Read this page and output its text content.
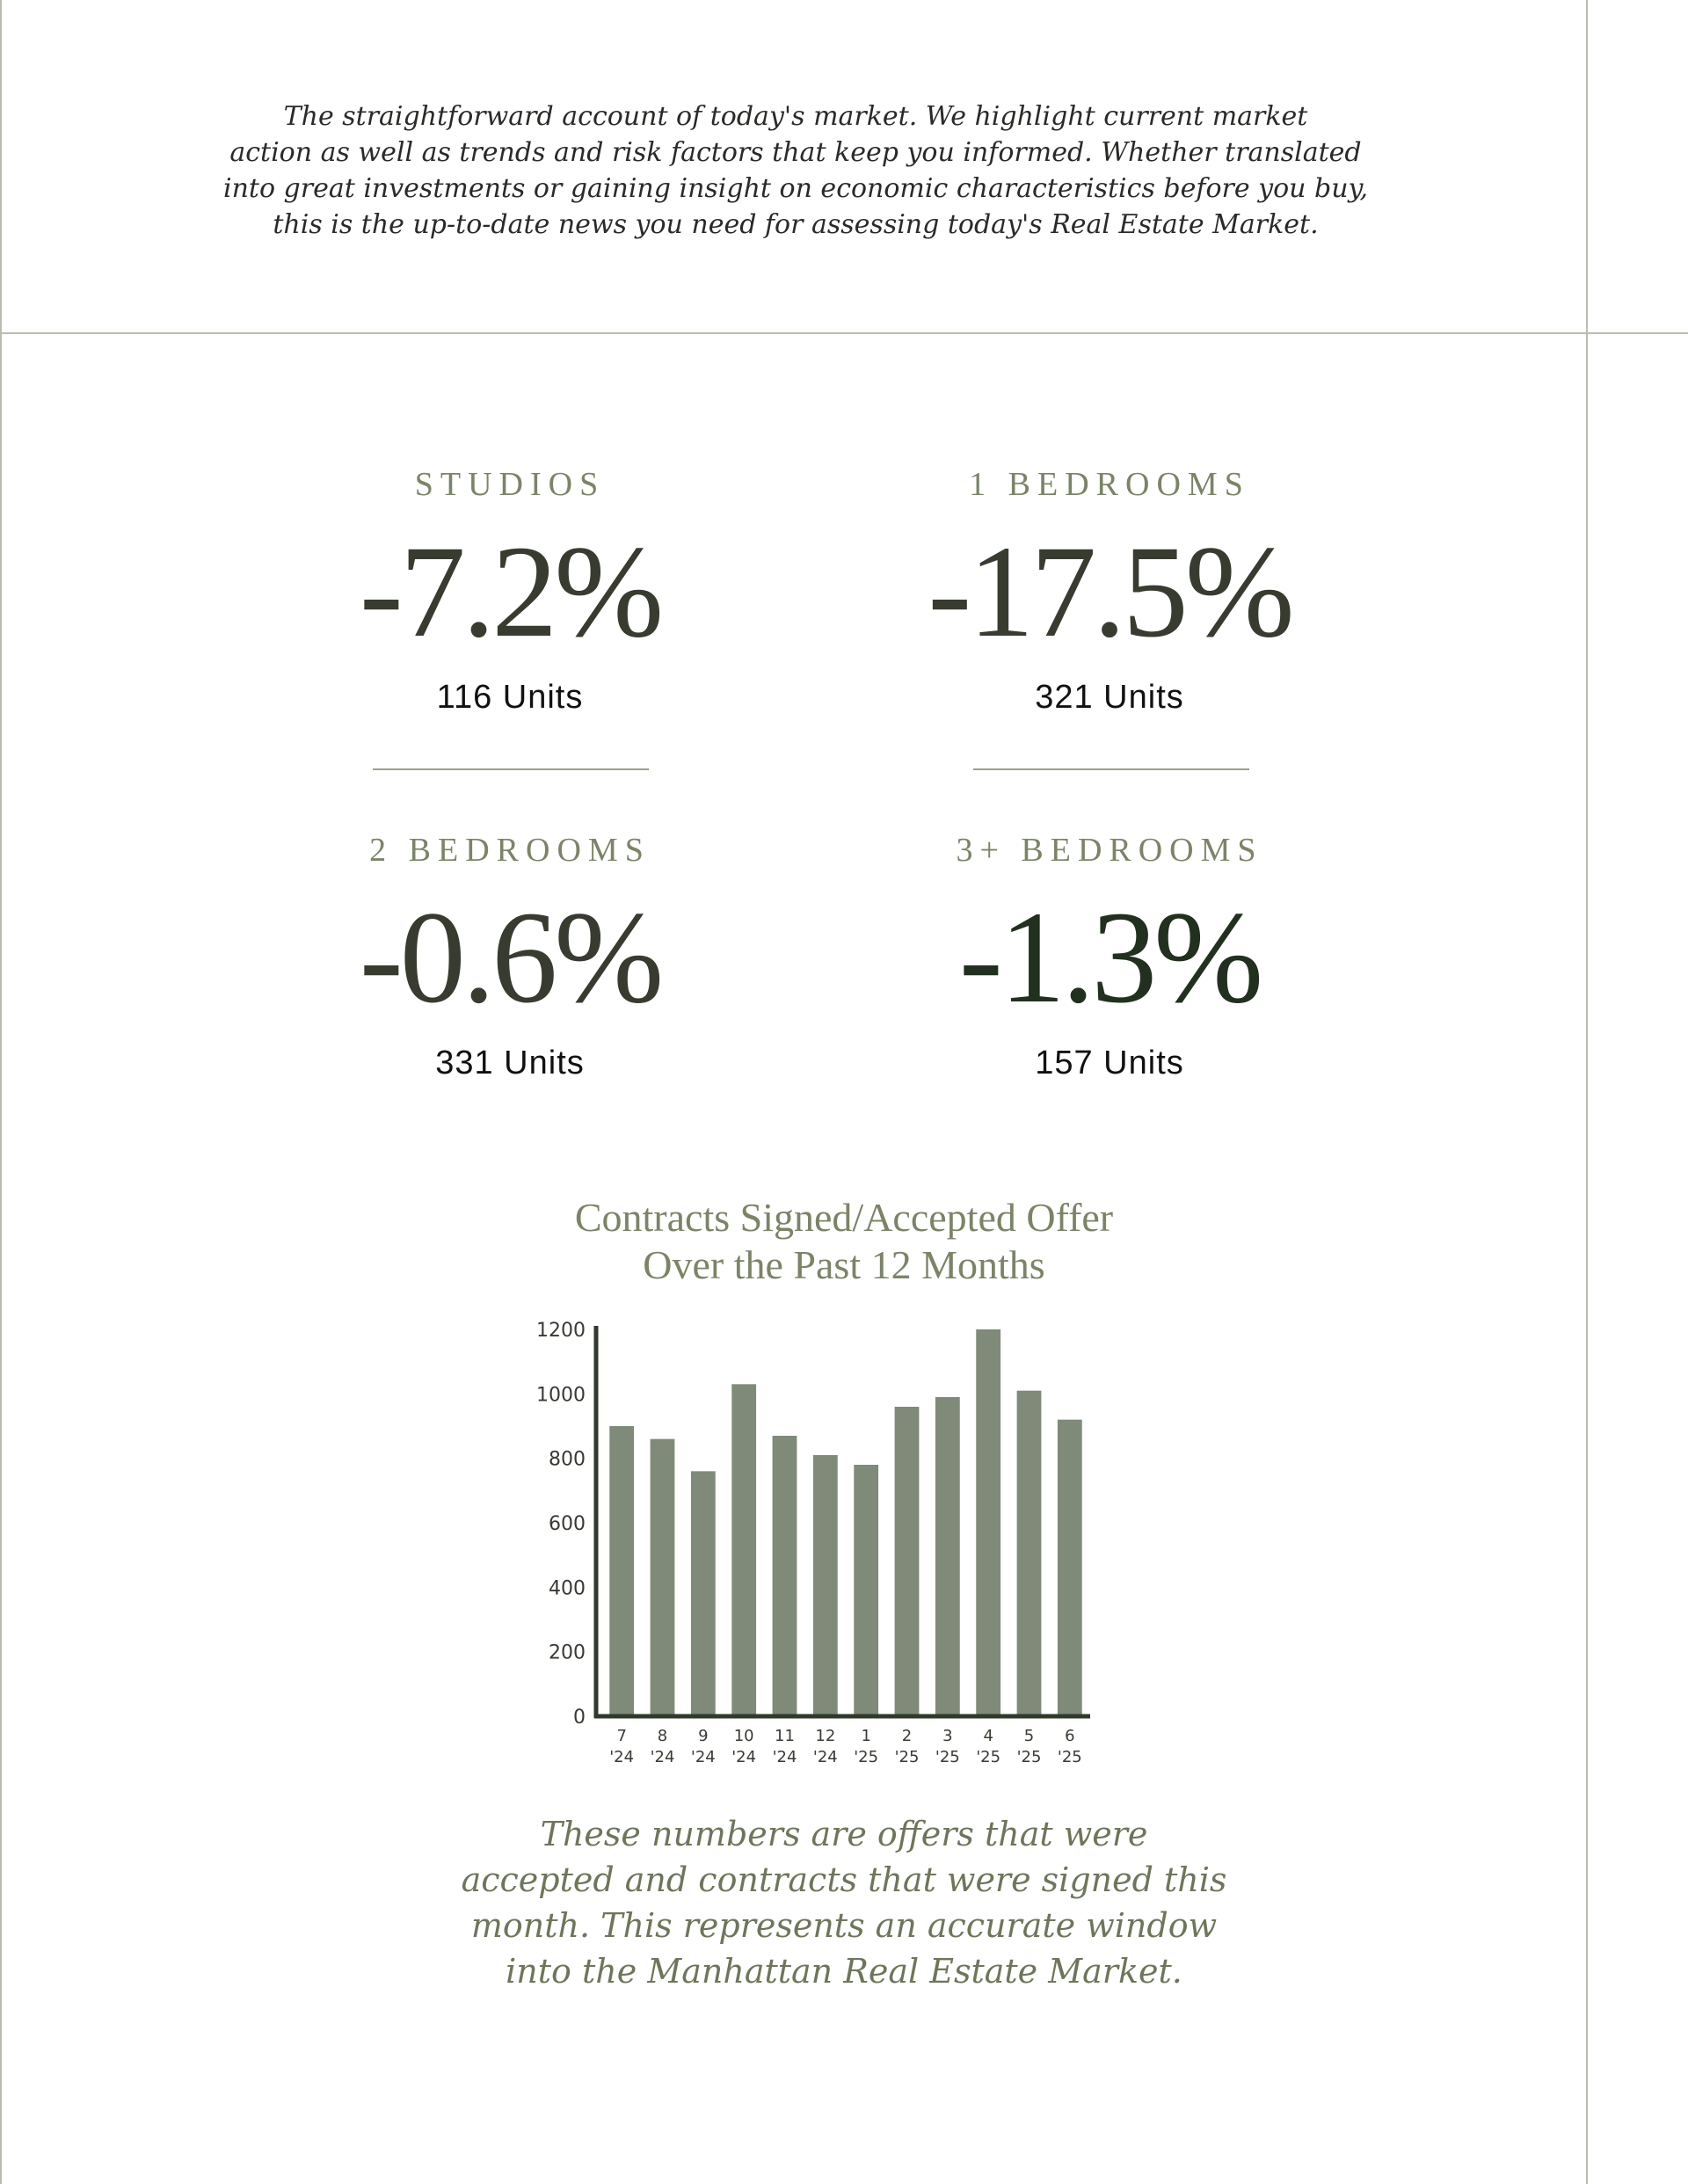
The straightforward account of today's market. We highlight current market
action as well as trends and risk factors that keep you informed. Whether translated
into great investments or gaining insight on economic characteristics before you buy,
this is the up-to-date news you need for assessing today's Real Estate Market.
STUDIOS
-7.2%
116 Units
1 BEDROOMS
-17.5%
321 Units
2 BEDROOMS
-0.6%
331 Units
3+ BEDROOMS
-1.3%
157 Units
Contracts Signed/Accepted Offer
Over the Past 12 Months
0
200
400
600
800
1000
1200
7
'24
8
'24
9
'24
10
'24
11
'24
12
'24
1
'25
2
'25
3
'25
4
'25
5
'25
6
'25
These numbers are offers that were
accepted and contracts that were signed this
month. This represents an accurate window
into the Manhattan Real Estate Market.
